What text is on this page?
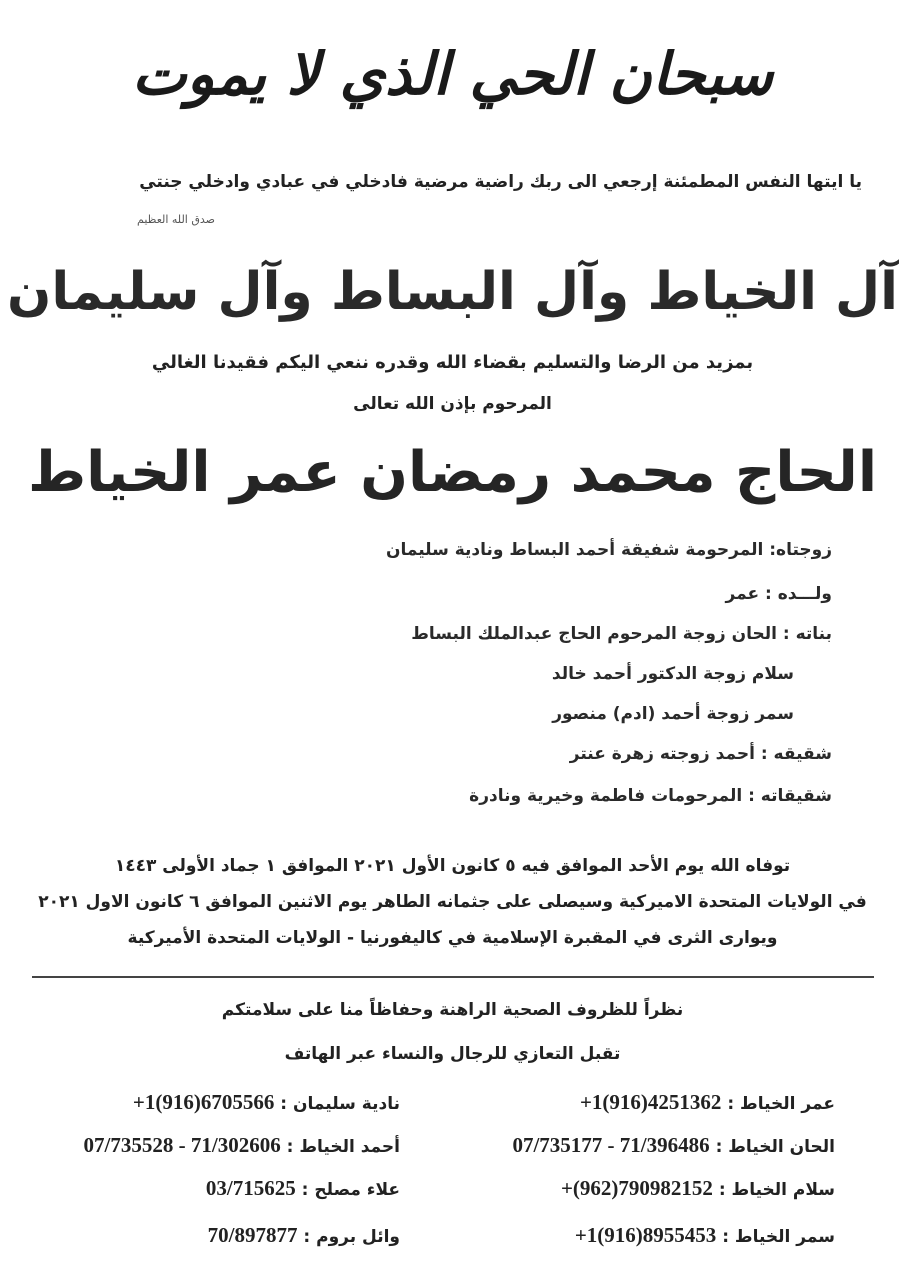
سبحان الحي الذي لا يموت
يا ايتها النفس المطمئنة إرجعي الى ربك راضية مرضية فادخلي في عبادي وادخلي جنتي
صدق الله العظيم
آل الخياط وآل البساط وآل سليمان
بمزيد من الرضا والتسليم بقضاء الله وقدره ننعي اليكم فقيدنا الغالي
المرحوم بإذن الله تعالى
الحاج محمد رمضان عمر الخياط
زوجتاه: المرحومة شفيقة أحمد البساط ونادية سليمان
ولـــده : عمر
بناته : الحان زوجة المرحوم الحاج عبدالملك البساط
سلام زوجة الدكتور أحمد خالد
سمر زوجة أحمد (ادم) منصور
شقيقه : أحمد زوجته زهرة عنتر
شقيقاته : المرحومات فاطمة وخيرية ونادرة
توفاه الله يوم الأحد الموافق فيه ٥ كانون الأول ٢٠٢١ الموافق ١ جماد الأولى ١٤٤٣
في الولايات المتحدة الاميركية وسيصلى على جثمانه الطاهر يوم الاثنين الموافق ٦ كانون الاول ٢٠٢١
ويوارى الثرى في المقبرة الإسلامية في كاليفورنيا - الولايات المتحدة الأميركية
نظراً للظروف الصحية الراهنة وحفاظاً منا على سلامتكم
تقبل التعازي للرجال والنساء عبر الهاتف
عمر الخياط : +1(916)4251362
الحان الخياط : 07/735177 - 71/396486
سلام الخياط : +(962)790982152
سمر الخياط : +1(916)8955453
نادية سليمان : +1(916)6705566
أحمد الخياط : 07/735528 - 71/302606
علاء مصلح : 03/715625
وائل بروم : 70/897877
